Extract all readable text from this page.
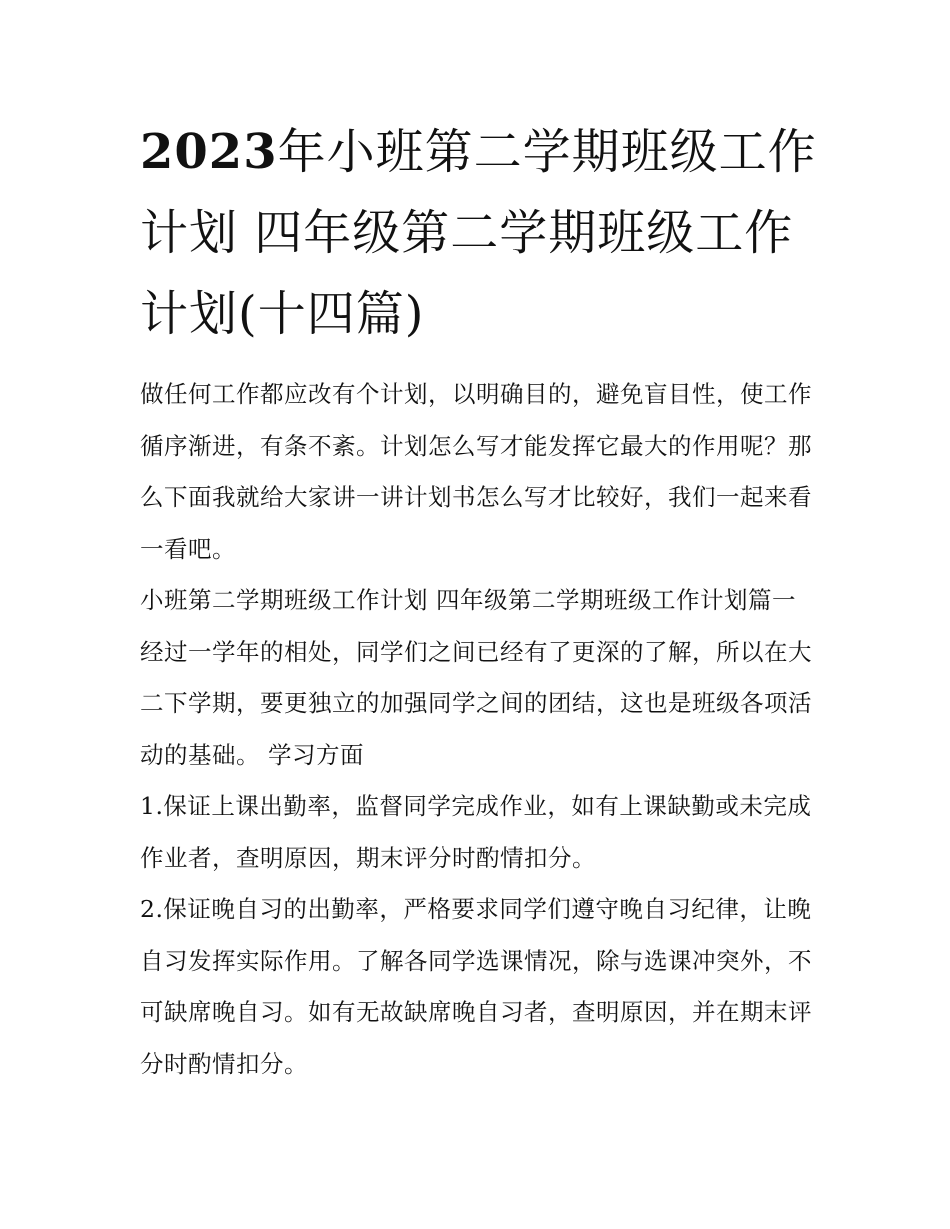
2023年小班第二学期班级工作计划 四年级第二学期班级工作计划(十四篇)

做任何工作都应改有个计划，以明确目的，避免盲目性，使工作循序渐进，有条不紊。计划怎么写才能发挥它最大的作用呢？那么下面我就给大家讲一讲计划书怎么写才比较好，我们一起来看一看吧。

小班第二学期班级工作计划 四年级第二学期班级工作计划篇一

经过一学年的相处，同学们之间已经有了更深的了解，所以在大二下学期，要更独立的加强同学之间的团结，这也是班级各项活动的基础。 学习方面

1.保证上课出勤率，监督同学完成作业，如有上课缺勤或未完成作业者，查明原因，期末评分时酌情扣分。

2.保证晚自习的出勤率，严格要求同学们遵守晚自习纪律，让晚自习发挥实际作用。了解各同学选课情况，除与选课冲突外，不可缺席晚自习。如有无故缺席晚自习者，查明原因，并在期末评分时酌情扣分。
